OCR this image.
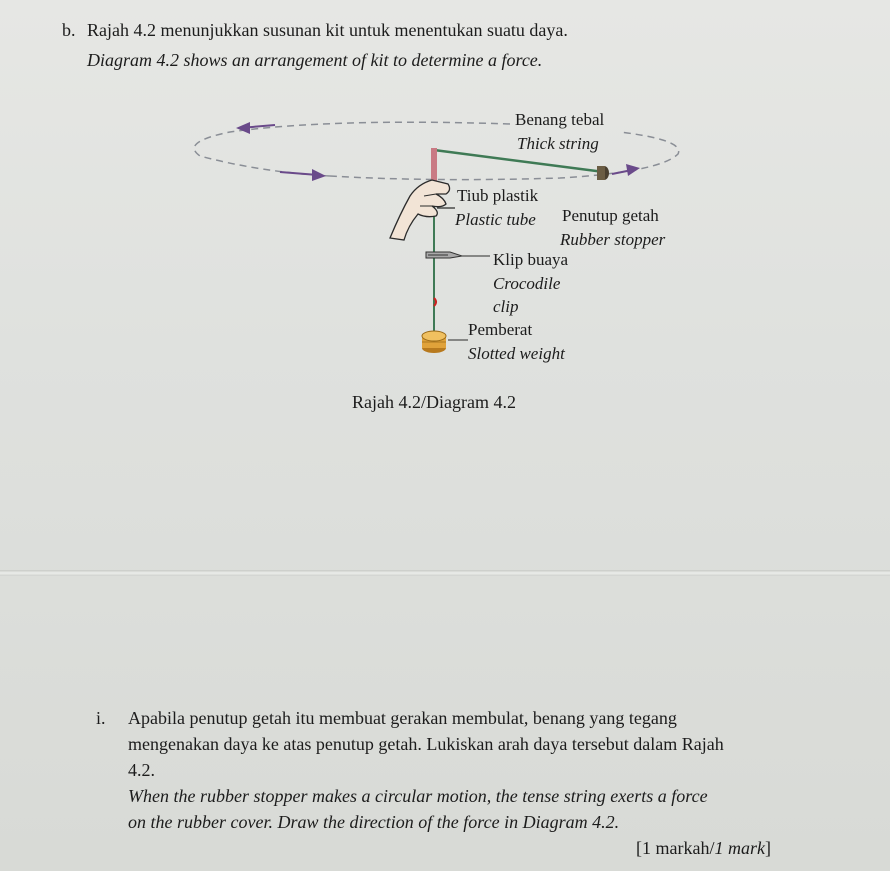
b. Rajah 4.2 menunjukkan susunan kit untuk menentukan suatu daya.
Diagram 4.2 shows an arrangement of kit to determine a force.
Benang tebal
Thick string
Tiub plastik
Plastic tube Penutup getah
Rubber stopper
Klip buaya
Crocodile
clip
Pemberat
Slotted weight
Rajah 4.2/Diagram 4.2
i. Apabila penutup getah itu membuat gerakan membulat, benang yang tegang
mengenakan daya ke atas penutup getah. Lukiskan arah daya tersebut dalam Rajah
4.2.
When the rubber stopper makes a circular motion, the tense string exerts a force
on the rubber cover. Draw the direction of the force in Diagram 4.2.
[1 markah/1 mark]
